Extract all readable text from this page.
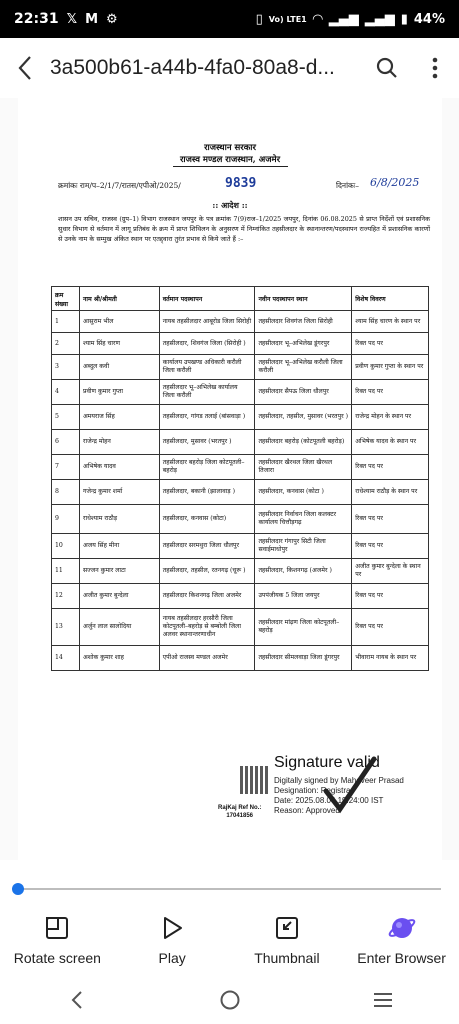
22:31 𝕏 M ⚙	▯ Vo) LTE1 ◠ ▂▄▆ ▂▄▆ ▮ 44%
3a500b61-a44b-4fa0-80a8-d...
राजस्थान सरकार
राजस्व मण्डल राजस्थान, अजमेर
क्रमांकः राम/प–2/1/7/रातस/एपीओ/2025/	9839	दिनांकः– 6/8/2025
:: आदेश ::
शासन उप सचिव, राजस्व (ग्रुप–1) विभाग राजस्थान जयपुर के पत्र क्रमांक 7(9)राज–1/2025 जयपुर, दिनांक 06.08.2025 से प्राप्त निर्देशों एवं प्रशासनिक सुधार विभाग से वर्तमान में लागू प्रतिबंध के क्रम में प्राप्त शिथिलन के अनुसरण में निम्नांकित तहसीलदार के स्थानान्तरण/पदस्थापन राज्यहित में प्रशासनिक कारणों से उनके नाम के सम्मुख अंकित स्थान पर एतद्द्वारा तुरंत प्रभाव से किये जाते हैं :–
क्रम संख्या	नाम श्री/श्रीमती	वर्तमान पदस्थापन	नवीन पदस्थापन स्थान	विशेष विवरण
1	आसुराम भील	नायब तहसीलदार आबूरोड जिला सिरोही	तहसीलदार शिवगंज जिला सिरोही	श्याम सिंह चारण के स्थान पर
2	श्याम सिंह चारण	तहसीलदार, शिवगंज जिला (सिरोही )	तहसीलदार भू–अभिलेख डूंगरपुर	रिक्त पद पर
3	अब्दुल कवी	कार्यालय उपखण्ड अधिकारी करौली जिला करौली	तहसीलदार भू–अभिलेख करौली जिला करौली	प्रवीण कुमार गुप्ता के स्थान पर
4	प्रवीण कुमार गुप्ता	तहसीलदार भू–अभिलेख कार्यालय जिला करौली	तहसीलदार सैपऊ जिला धौलपुर	रिक्त पद पर
5	अमयराज सिंह	तहसीलदार, गांगड तलाई (बांसवाड़ा )	तहसीलदार, तहसील, मुसावर (भरतपुर )	राजेन्द्र मोहन के स्थान पर
6	राजेन्द्र मोहन	तहसीलदार, मुसावर (भरतपुर )	तहसीलदार बहरोड़ (कोटपूतली बहरोड़)	अभिषेक यादव के स्थान पर
7	अभिषेक यादव	तहसीलदार बहरोड़ जिला कोटपूतली–बहरोड़	तहसीलदार खैरथल जिला खैरथल तिजारा	रिक्त पद पर
8	गजेन्द्र कुमार शर्मा	तहसीलदार, बकानी (झालावाड़ )	तहसीलदार, कनवास (कोटा )	राधेश्याम राठौड़ के स्थान पर
9	राधेश्याम राठौड़	तहसीलदार, कनवास (कोटा)	तहसीलदार निर्वाचन जिला कलक्टर कार्यालय चित्तौड़गढ़	रिक्त पद पर
10	अजय सिंह मीना	तहसीलदार सरमथुरा जिला धौलपुर	तहसीलदार गंगापुर सिटी जिला सवाईमाधोपुर	रिक्त पद पर
11	सज्जन कुमार लाटा	तहसीलदार, तहसील, रतनगढ़ (चूरू )	तहसीलदार, किशनगढ़ (अजमेर )	अजीत कुमार बुन्देला के स्थान पर
12	अजीत कुमार बुन्देला	तहसीलदार किशनगढ़ जिला अजमेर	उपपंजीयक 5 जिला जयपुर	रिक्त पद पर
13	अर्जुन लाल सालोदिया	नायब तहसीलदार हरसौरी जिला कोटपूतली–बहरोड़ से बम्बोली जिला अलवर स्थानान्तरणाधीन	तहसीलदार मांढ़ण जिला कोटपूतली–बहरोड़	रिक्त पद पर
14	अशोक कुमार शाह	एपीओ राजस्व मण्डल अजमेर	तहसीलदार सीमलवाड़ा जिला डूंगरपुर	भीवाराम नायब के स्थान पर
Signature valid
Digitally signed by Mahaveer Prasad
Designation: Registrar
Date: 2025.08.06 19:24:00 IST
Reason: Approved
RajKaj Ref No.:
17041856
Rotate screen	Play	Thumbnail	Enter Browser
